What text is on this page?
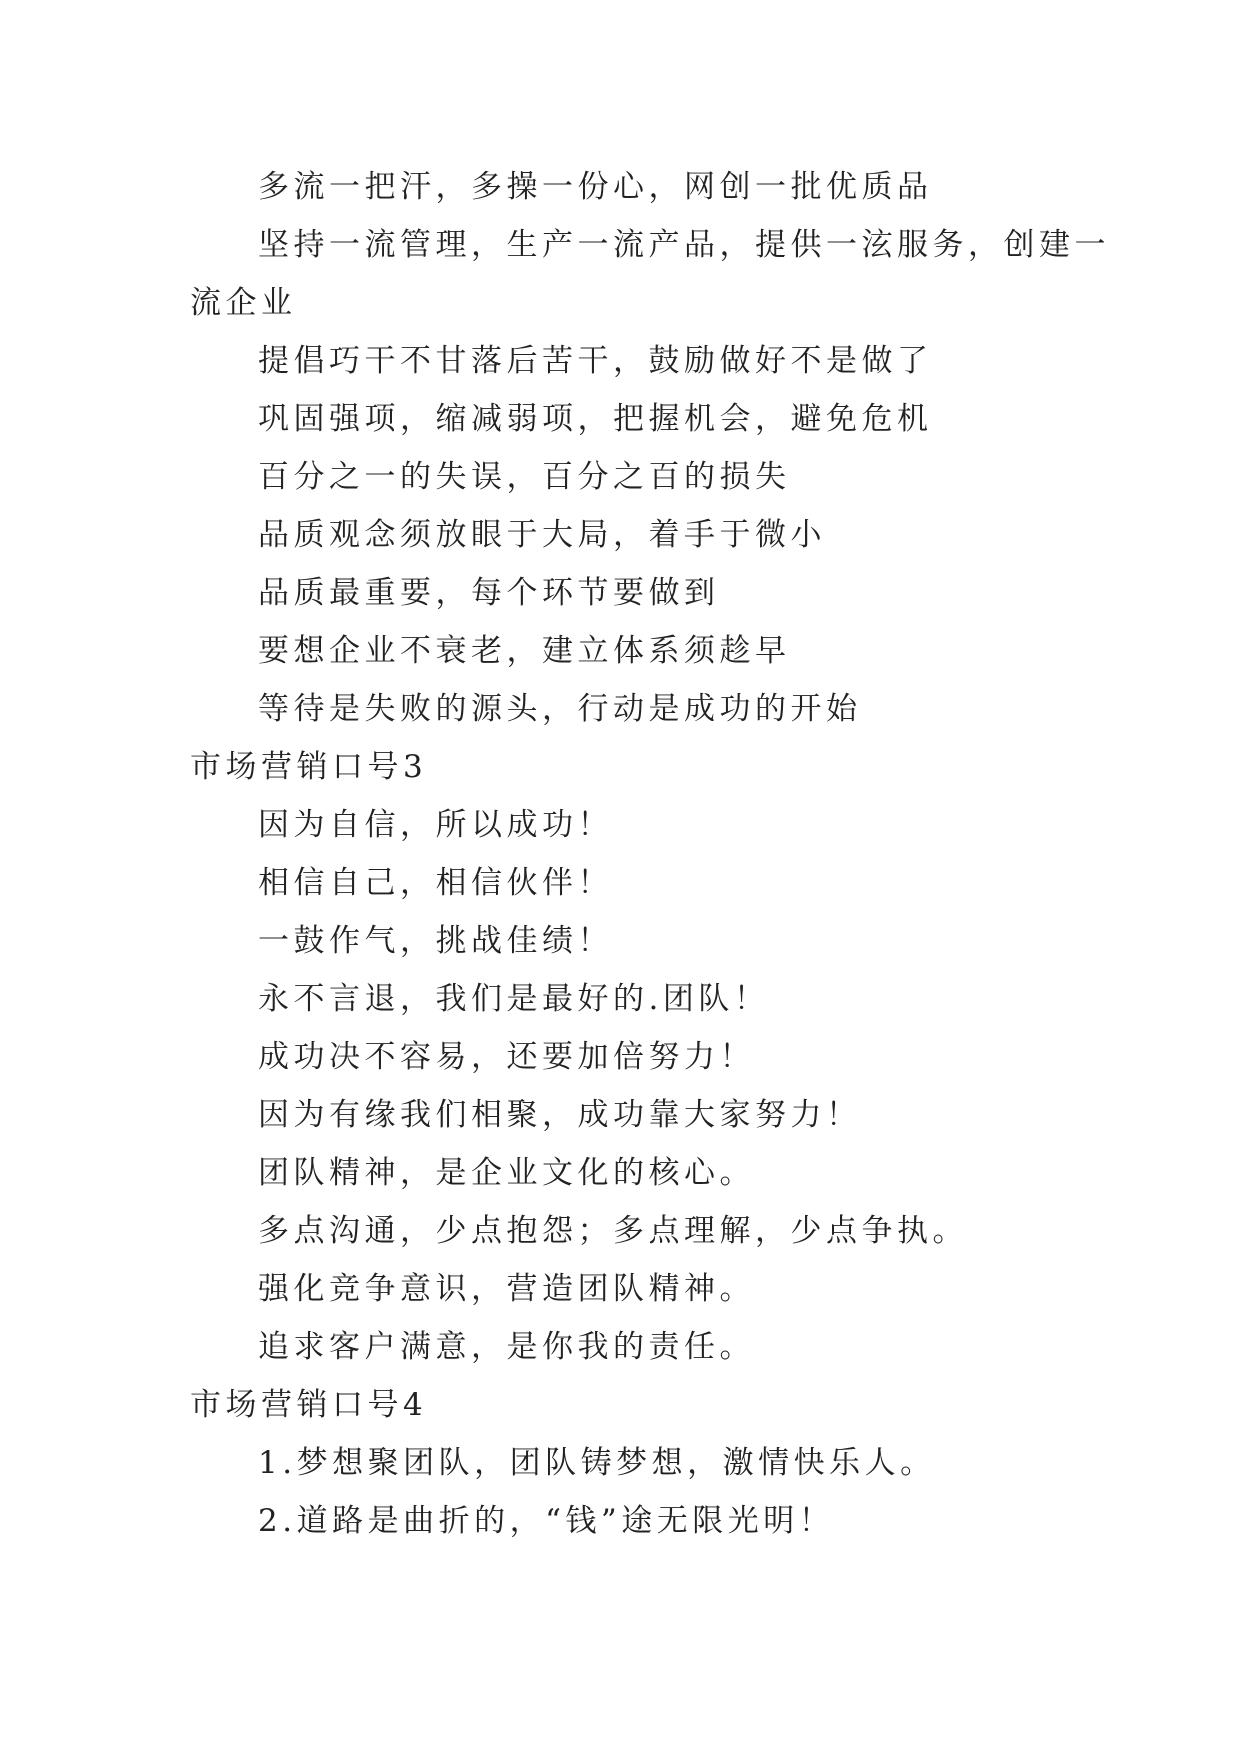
多流一把汗，多操一份心，网创一批优质品
坚持一流管理，生产一流产品，提供一泫服务，创建一
流企业
提倡巧干不甘落后苦干，鼓励做好不是做了
巩固强项，缩减弱项，把握机会，避免危机
百分之一的失误，百分之百的损失
品质观念须放眼于大局，着手于微小
品质最重要，每个环节要做到
要想企业不衰老，建立体系须趁早
等待是失败的源头，行动是成功的开始
市场营销口号3
因为自信，所以成功！
相信自己，相信伙伴！
一鼓作气，挑战佳绩！
永不言退，我们是最好的.团队！
成功决不容易，还要加倍努力！
因为有缘我们相聚，成功靠大家努力！
团队精神，是企业文化的核心。
多点沟通，少点抱怨；多点理解，少点争执。
强化竞争意识，营造团队精神。
追求客户满意，是你我的责任。
市场营销口号4
1.梦想聚团队，团队铸梦想，激情快乐人。
2.道路是曲折的，“钱”途无限光明！
